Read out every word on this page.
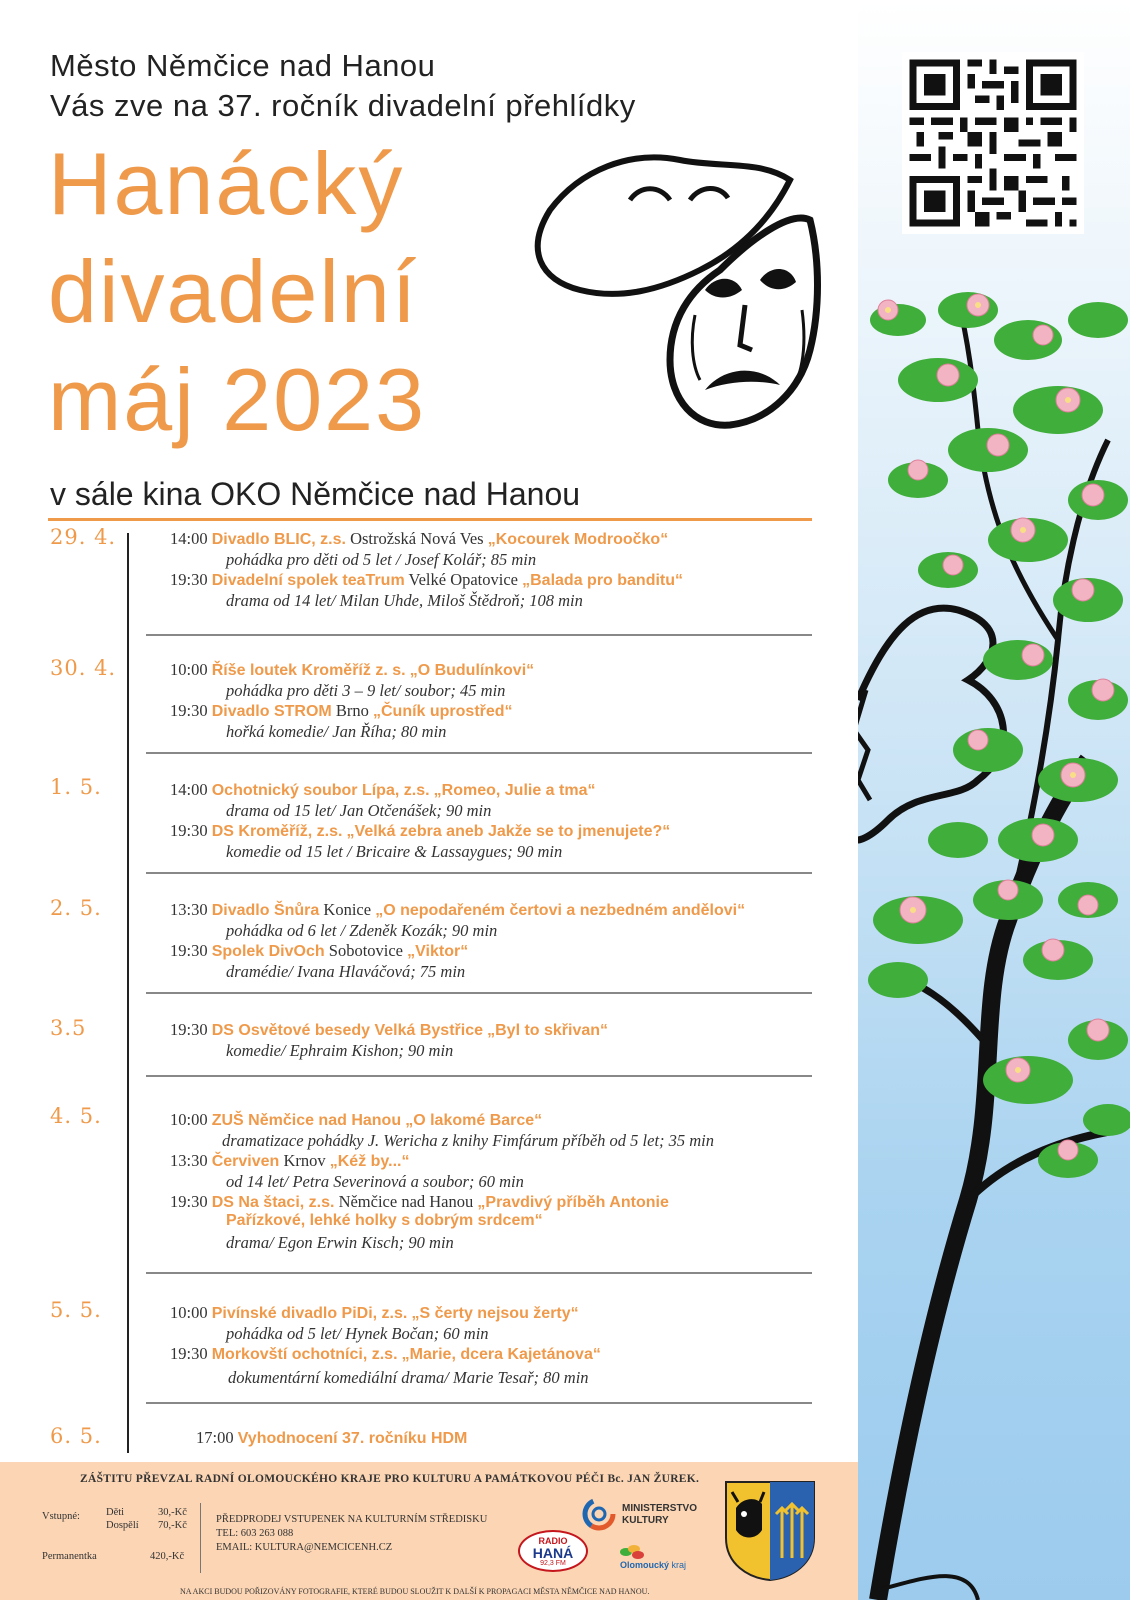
Město Němčice nad Hanou
Vás zve na 37. ročník divadelní přehlídky
Hanácký
divadelní
máj 2023
v sále kina OKO Němčice nad Hanou
29. 4.	14:00 Divadlo BLIC, z.s. Ostrožská Nová Ves „Kocourek Modroočko“
pohádka pro děti od 5 let / Josef Kolář; 85 min
19:30 Divadelní spolek teaTrum Velké Opatovice „Balada pro banditu“
drama od 14 let/ Milan Uhde, Miloš Štědroň; 108 min
30. 4.	10:00 Říše loutek Kroměříž z. s. „O Budulínkovi“
pohádka pro děti 3 – 9 let/ soubor; 45 min
19:30 Divadlo STROM Brno „Čuník uprostřed“
hořká komedie/ Jan Říha; 80 min
1. 5.	14:00 Ochotnický soubor Lípa, z.s. „Romeo, Julie a tma“
drama od 15 let/ Jan Otčenášek; 90 min
19:30 DS Kroměříž, z.s. „Velká zebra aneb Jakže se to jmenujete?“
komedie od 15 let / Bricaire & Lassaygues; 90 min
2. 5.	13:30 Divadlo Šnůra Konice „O nepodařeném čertovi a nezbedném andělovi“
pohádka od 6 let / Zdeněk Kozák; 90 min
19:30 Spolek DivOch Sobotovice „Viktor“
dramédie/ Ivana Hlaváčová; 75 min
3.5	19:30 DS Osvětové besedy Velká Bystřice „Byl to skřivan“
komedie/ Ephraim Kishon; 90 min
4. 5.	10:00 ZUŠ Němčice nad Hanou „O lakomé Barce“
dramatizace pohádky J. Wericha z knihy Fimfárum příběh od 5 let; 35 min
13:30 Červiven Krnov „Kéž by...“
od 14 let/ Petra Severinová a soubor; 60 min
19:30 DS Na štaci, z.s. Němčice nad Hanou „Pravdivý příběh Antonie
Pařízkové, lehké holky s dobrým srdcem“
drama/ Egon Erwin Kisch; 90 min
5. 5.	10:00 Pivínské divadlo PiDi, z.s. „S čerty nejsou žerty“
pohádka od 5 let/ Hynek Bočan; 60 min
19:30 Morkovští ochotníci, z.s. „Marie, dcera Kajetánova“
dokumentární komediální drama/ Marie Tesař; 80 min
6. 5.	17:00 Vyhodnocení 37. ročníku HDM
ZÁŠTITU PŘEVZAL RADNÍ OLOMOUCKÉHO KRAJE PRO KULTURU A PAMÁTKOVOU PÉČI Bc. JAN ŽUREK.
Vstupné: Děti	30,-Kč
Dospělí 70,-Kč
Permanentka	420,-Kč
PŘEDPRODEJ VSTUPENEK NA KULTURNÍM STŘEDISKU
TEL: 603 263 088
EMAIL: KULTURA@NEMCICENH.CZ
RADIO
HANÁ
92,3 FM
MINISTERSTVO
KULTURY
Olomoucký kraj
NA AKCI BUDOU POŘIZOVÁNY FOTOGRAFIE, KTERÉ BUDOU SLOUŽIT K DALŠÍ K PROPAGACI MĚSTA NĚMČICE NAD HANOU.
